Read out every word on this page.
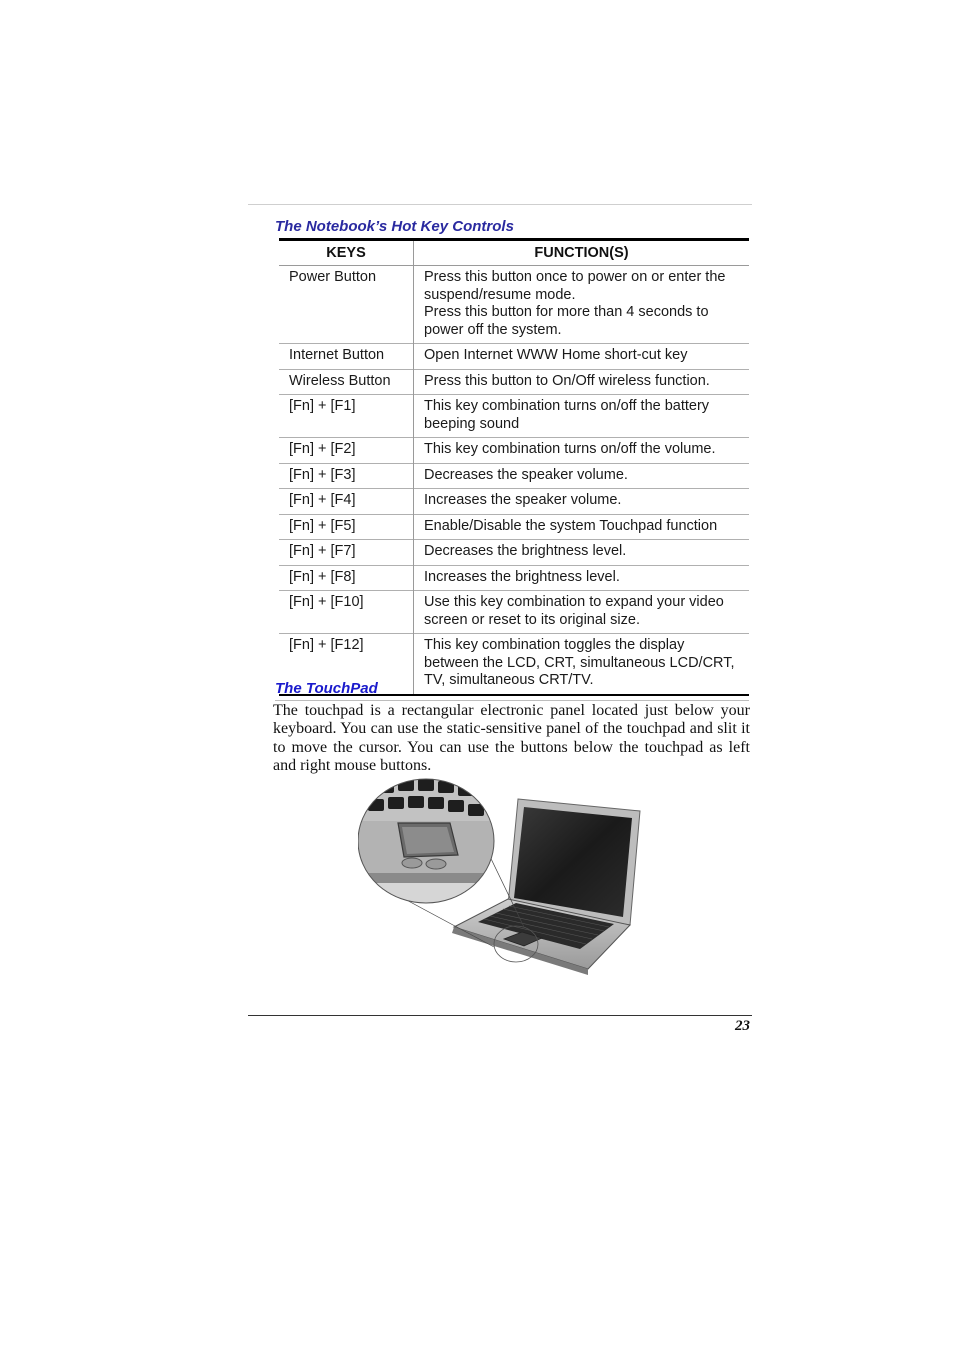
The Notebook’s Hot Key Controls
KEYS	FUNCTION(S)
Power Button	Press this button once to power on or enter the suspend/resume mode.
Press this button for more than 4 seconds to power off the system.

Internet Button	Open Internet WWW Home short-cut key
Wireless Button	Press this button to On/Off wireless function.
[Fn] + [F1]	This key combination turns on/off the battery beeping sound
[Fn] + [F2]	This key combination turns on/off the volume.
[Fn] + [F3]	Decreases the speaker volume.
[Fn] + [F4]	Increases the speaker volume.
[Fn] + [F5]	Enable/Disable the system Touchpad function
[Fn] + [F7]	Decreases the brightness level.
[Fn] + [F8]	Increases the brightness level.
[Fn] + [F10]	Use this key combination to expand your video screen or reset to its original size.
[Fn] + [F12]	This key combination toggles the display between the LCD, CRT, simultaneous LCD/CRT, TV, simultaneous CRT/TV.
The TouchPad

The touchpad is a rectangular electronic panel located just below your keyboard. You can use the static-sensitive panel of the touchpad and slit it to move the cursor. You can use the buttons below the touchpad as left and right mouse buttons.

23
